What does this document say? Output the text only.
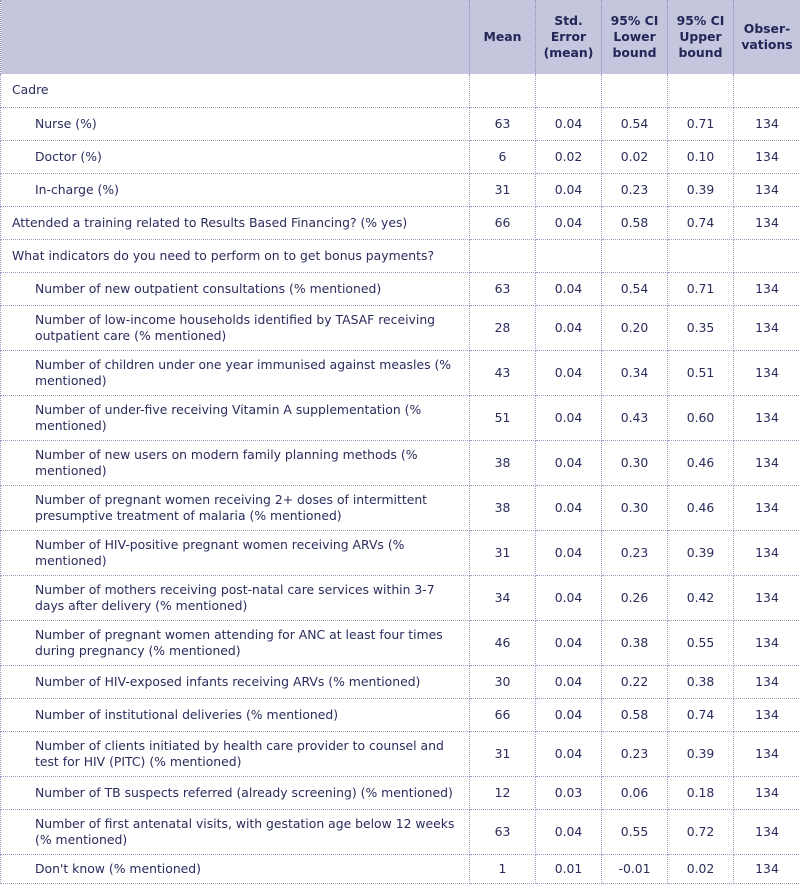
	Mean	Std.
Error
(mean)	95% CI
Lower
bound	95% CI
Upper
bound	Obser-
vations
Cadre					
Nurse (%)	63	0.04	0.54	0.71	134
Doctor (%)	6	0.02	0.02	0.10	134
In-charge (%)	31	0.04	0.23	0.39	134
Attended a training related to Results Based Financing? (% yes)	66	0.04	0.58	0.74	134
What indicators do you need to perform on to get bonus payments?					
Number of new outpatient consultations (% mentioned)	63	0.04	0.54	0.71	134
Number of low-income households identified by TASAF receiving outpatient care (% mentioned)	28	0.04	0.20	0.35	134
Number of children under one year immunised against measles (% mentioned)	43	0.04	0.34	0.51	134
Number of under-five receiving Vitamin A supplementation (% mentioned)	51	0.04	0.43	0.60	134
Number of new users on modern family planning methods (% mentioned)	38	0.04	0.30	0.46	134
Number of pregnant women receiving 2+ doses of intermittent presumptive treatment of malaria (% mentioned)	38	0.04	0.30	0.46	134
Number of HIV-positive pregnant women receiving ARVs (% mentioned)	31	0.04	0.23	0.39	134
Number of mothers receiving post-natal care services within 3-7 days after delivery (% mentioned)	34	0.04	0.26	0.42	134
Number of pregnant women attending for ANC at least four times during pregnancy (% mentioned)	46	0.04	0.38	0.55	134
Number of HIV-exposed infants receiving ARVs (% mentioned)	30	0.04	0.22	0.38	134
Number of institutional deliveries (% mentioned)	66	0.04	0.58	0.74	134
Number of clients initiated by health care provider to counsel and test for HIV (PITC) (% mentioned)	31	0.04	0.23	0.39	134
Number of TB suspects referred (already screening) (% mentioned)	12	0.03	0.06	0.18	134
Number of first antenatal visits, with gestation age below 12 weeks (% mentioned)	63	0.04	0.55	0.72	134
Don't know (% mentioned)	1	0.01	-0.01	0.02	134
